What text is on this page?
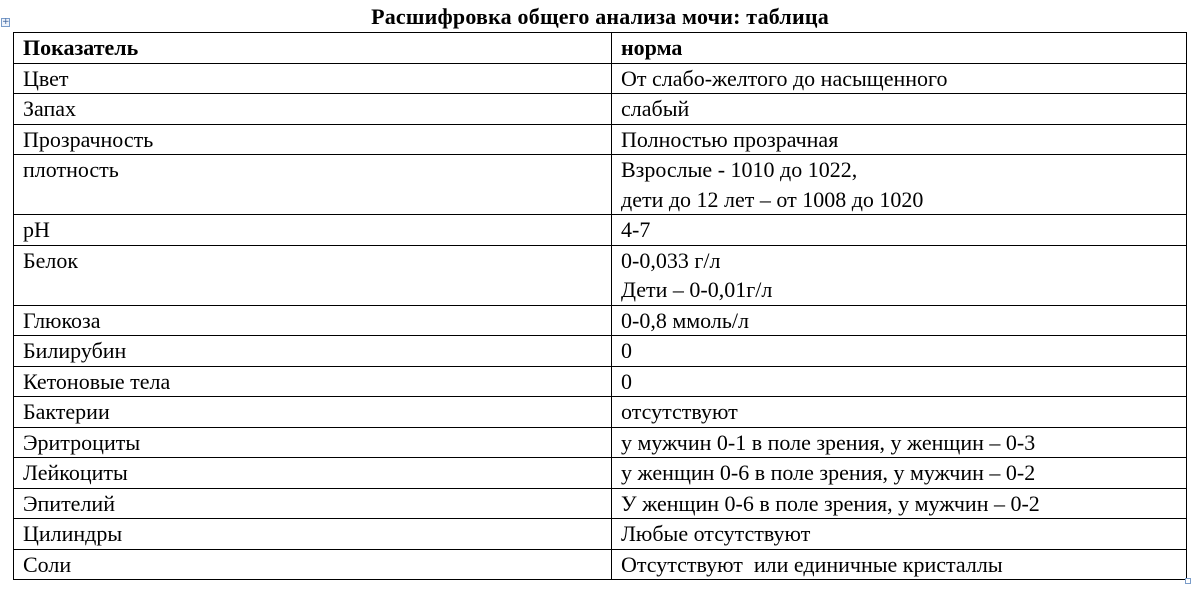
Расшифровка общего анализа мочи: таблица
+
Показатель	норма
Цвет	От слабо-желтого до насыщенного

Запах	слабый

Прозрачность	Полностью прозрачная

плотность	Взрослые - 1010 до 1022,
дети до 12 лет – от 1008 до 1020

pH	4-7

Белок	0-0,033 г/л
Дети – 0-0,01г/л

Глюкоза	0-0,8 ммоль/л

Билирубин	0

Кетоновые тела	0

Бактерии	отсутствуют

Эритроциты	у мужчин 0-1 в поле зрения, у женщин – 0-3

Лейкоциты	у женщин 0-6 в поле зрения, у мужчин – 0-2

Эпителий	У женщин 0-6 в поле зрения, у мужчин – 0-2

Цилиндры	Любые отсутствуют

Соли	Отсутствуют  или единичные кристаллы
